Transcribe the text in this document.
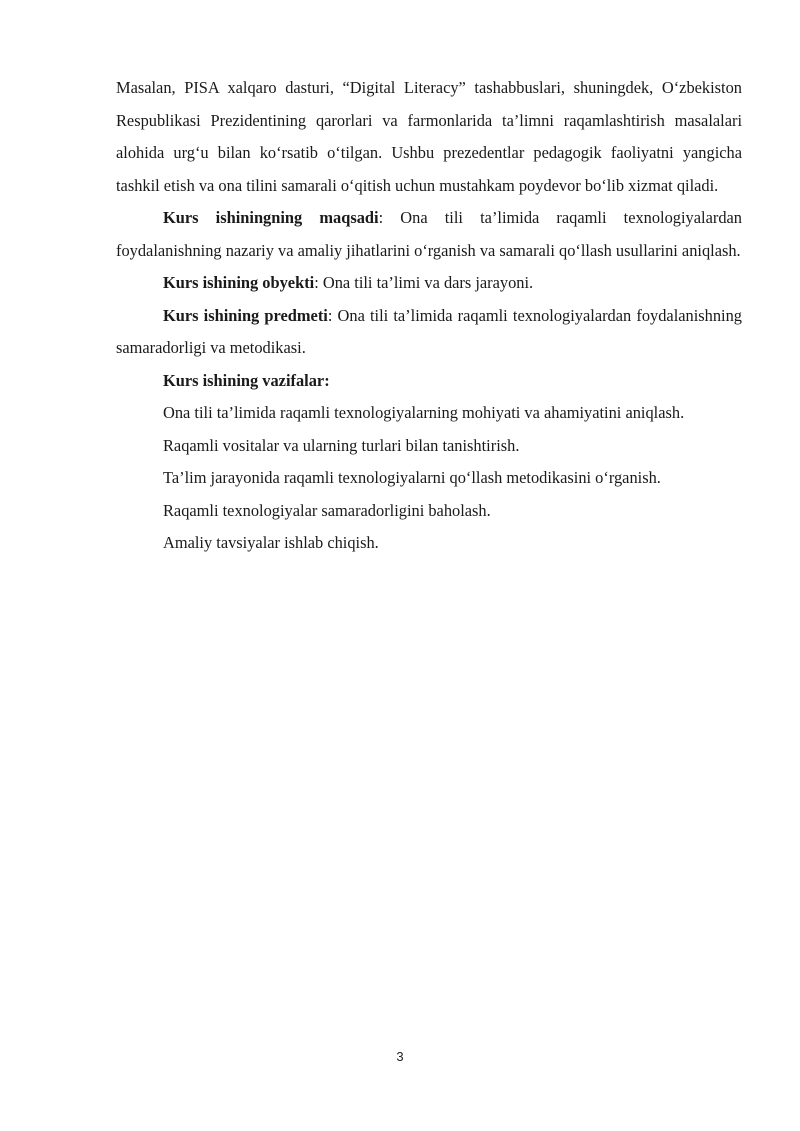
Masalan, PISA xalqaro dasturi, “Digital Literacy” tashabbuslari, shuningdek, O‘zbekiston Respublikasi Prezidentining qarorlari va farmonlarida ta’limni raqamlashtirish masalalari alohida urg‘u bilan ko‘rsatib o‘tilgan. Ushbu prezedentlar pedagogik faoliyatni yangicha tashkil etish va ona tilini samarali o‘qitish uchun mustahkam poydevor bo‘lib xizmat qiladi.

Kurs ishiningning maqsadi: Ona tili ta’limida raqamli texnologiyalardan foydalanishning nazariy va amaliy jihatlarini o‘rganish va samarali qo‘llash usullarini aniqlash.

Kurs ishining obyekti: Ona tili ta’limi va dars jarayoni.

Kurs ishining predmeti: Ona tili ta’limida raqamli texnologiyalardan foydalanishning samaradorligi va metodikasi.

Kurs ishining vazifalar:

Ona tili ta’limida raqamli texnologiyalarning mohiyati va ahamiyatini aniqlash.

Raqamli vositalar va ularning turlari bilan tanishtirish.

Ta’lim jarayonida raqamli texnologiyalarni qo‘llash metodikasini o‘rganish.

Raqamli texnologiyalar samaradorligini baholash.

Amaliy tavsiyalar ishlab chiqish.

3
